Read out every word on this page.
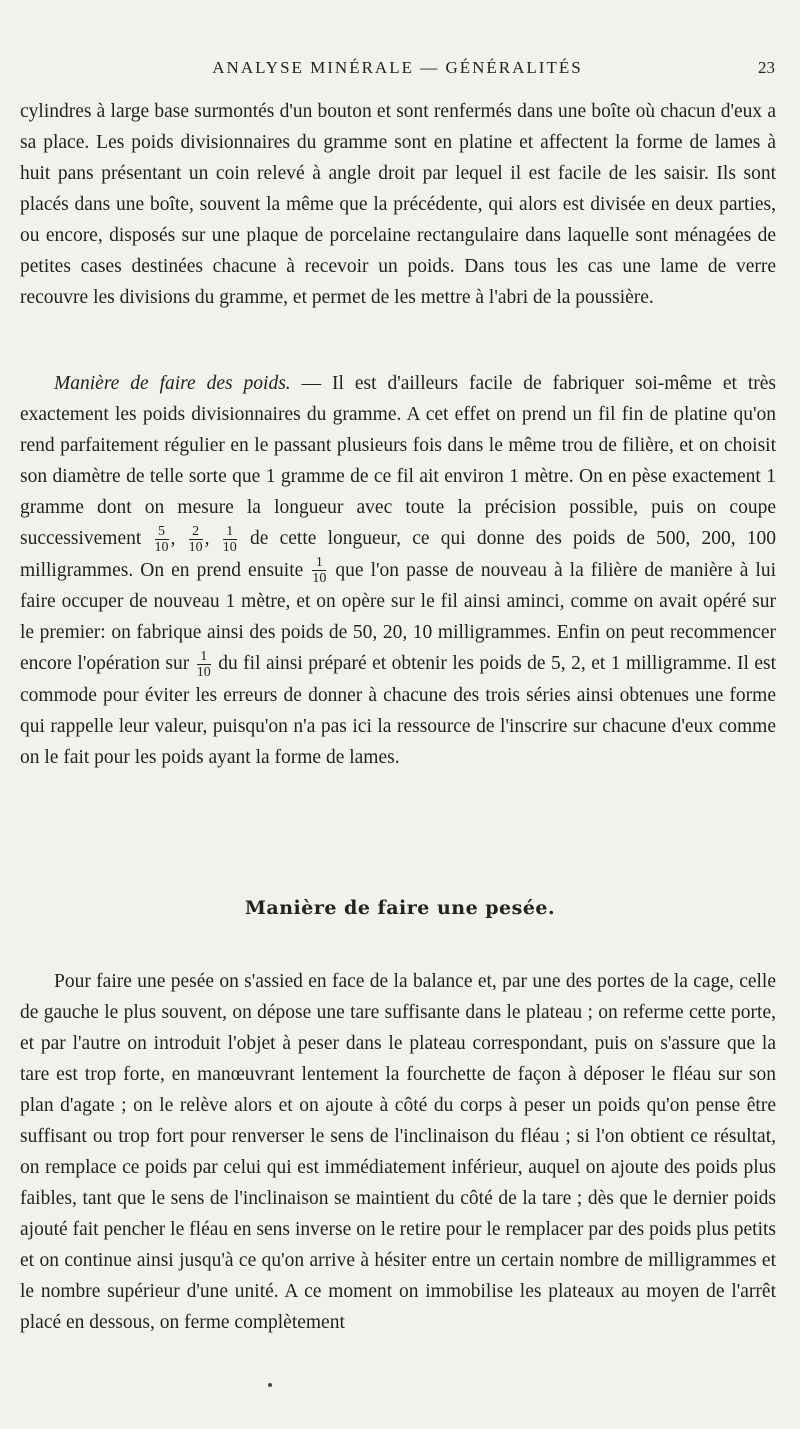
ANALYSE MINÉRALE — GÉNÉRALITÉS	23

cylindres à large base surmontés d'un bouton et sont renfermés dans une boîte où chacun d'eux a sa place. Les poids divisionnaires du gramme sont en platine et affectent la forme de lames à huit pans présentant un coin relevé à angle droit par lequel il est facile de les saisir. Ils sont placés dans une boîte, souvent la même que la précédente, qui alors est divisée en deux parties, ou encore, disposés sur une plaque de porcelaine rectangulaire dans laquelle sont ménagées de petites cases destinées chacune à recevoir un poids. Dans tous les cas une lame de verre recouvre les divisions du gramme, et permet de les mettre à l'abri de la poussière.

Manière de faire des poids. — Il est d'ailleurs facile de fabriquer soi-même et très exactement les poids divisionnaires du gramme. A cet effet on prend un fil fin de platine qu'on rend parfaitement régulier en le passant plusieurs fois dans le même trou de filière, et on choisit son diamètre de telle sorte que 1 gramme de ce fil ait environ 1 mètre. On en pèse exactement 1 gramme dont on mesure la longueur avec toute la précision possible, puis on coupe successivement $\frac{5}{10}$ , $\frac{2}{10}$ , $\frac{1}{10}$ de cette longueur, ce qui donne des poids de 500, 200, 100 milligrammes. On en prend ensuite $\frac{1}{10}$ que l'on passe de nouveau à la filière de manière à lui faire occuper de nouveau 1 mètre, et on opère sur le fil ainsi aminci, comme on avait opéré sur le premier: on fabrique ainsi des poids de 50, 20, 10 milligrammes. Enfin on peut recommencer encore l'opération sur $\frac{1}{10}$ du fil ainsi préparé et obtenir les poids de 5, 2, et 1 milligramme. Il est commode pour éviter les erreurs de donner à chacune des trois séries ainsi obtenues une forme qui rappelle leur valeur, puisqu'on n'a pas ici la ressource de l'inscrire sur chacune d'eux comme on le fait pour les poids ayant la forme de lames.

Manière de faire une pesée.

Pour faire une pesée on s'assied en face de la balance et, par une des portes de la cage, celle de gauche le plus souvent, on dépose une tare suffisante dans le plateau ; on referme cette porte, et par l'autre on introduit l'objet à peser dans le plateau correspondant, puis on s'assure que la tare est trop forte, en manœuvrant lentement la fourchette de façon à déposer le fléau sur son plan d'agate ; on le relève alors et on ajoute à côté du corps à peser un poids qu'on pense être suffisant ou trop fort pour renverser le sens de l'inclinaison du fléau ; si l'on obtient ce résultat, on remplace ce poids par celui qui est immédiatement inférieur, auquel on ajoute des poids plus faibles, tant que le sens de l'inclinaison se maintient du côté de la tare ; dès que le dernier poids ajouté fait pencher le fléau en sens inverse on le retire pour le remplacer par des poids plus petits et on continue ainsi jusqu'à ce qu'on arrive à hésiter entre un certain nombre de milligrammes et le nombre supérieur d'une unité. A ce moment on immobilise les plateaux au moyen de l'arrêt placé en dessous, on ferme complètement
